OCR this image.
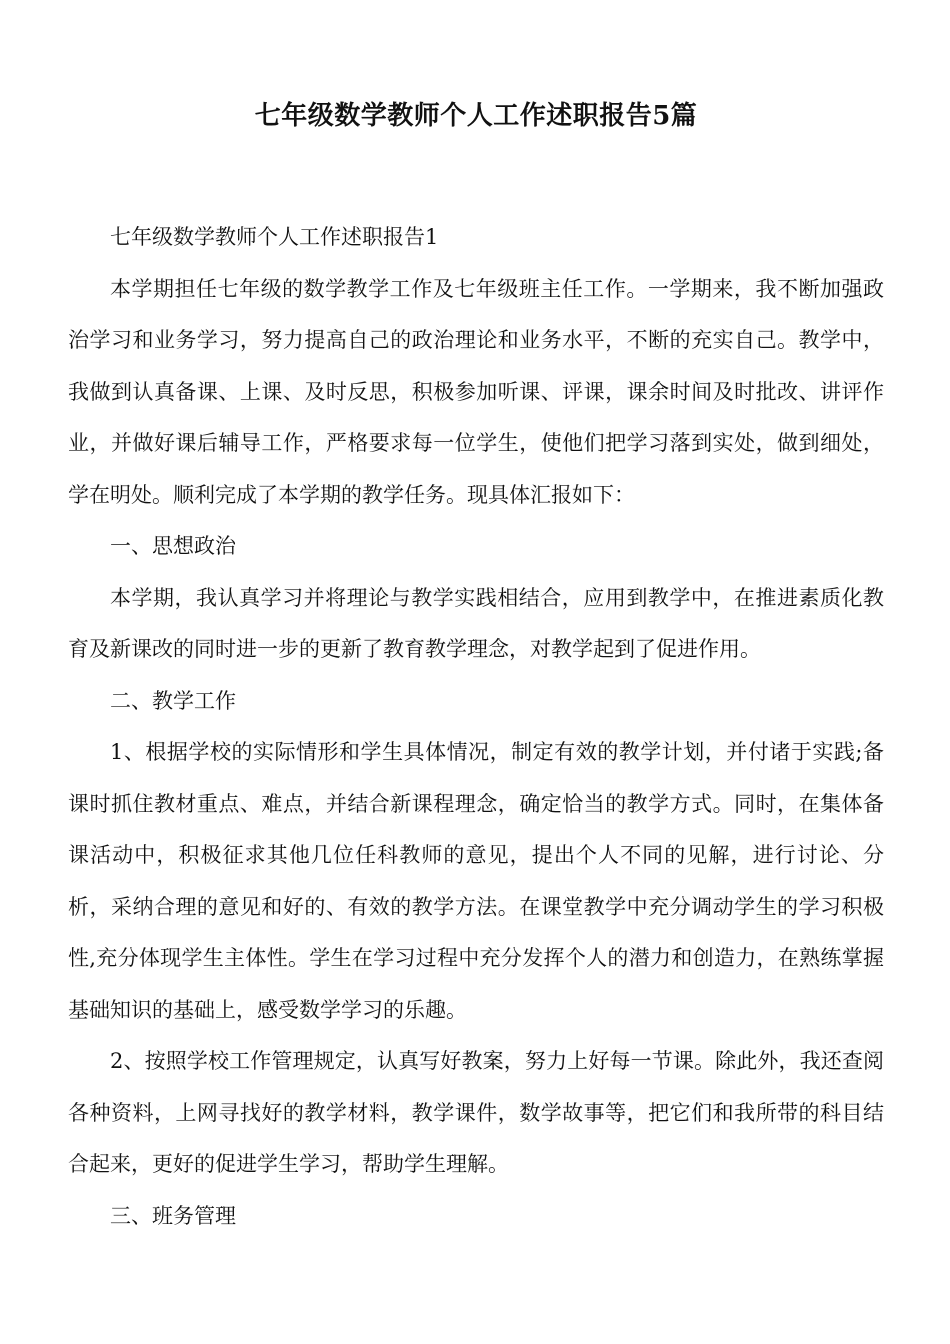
七年级数学教师个人工作述职报告5篇

七年级数学教师个人工作述职报告1

本学期担任七年级的数学教学工作及七年级班主任工作。一学期来，我不断加强政治学习和业务学习，努力提高自己的政治理论和业务水平，不断的充实自己。教学中，我做到认真备课、上课、及时反思，积极参加听课、评课，课余时间及时批改、讲评作业，并做好课后辅导工作，严格要求每一位学生，使他们把学习落到实处，做到细处，学在明处。顺利完成了本学期的教学任务。现具体汇报如下：

一、思想政治

本学期，我认真学习并将理论与教学实践相结合，应用到教学中，在推进素质化教育及新课改的同时进一步的更新了教育教学理念，对教学起到了促进作用。

二、教学工作

1、根据学校的实际情形和学生具体情况，制定有效的教学计划，并付诸于实践;备课时抓住教材重点、难点，并结合新课程理念，确定恰当的教学方式。同时，在集体备课活动中，积极征求其他几位任科教师的意见，提出个人不同的见解，进行讨论、分析，采纳合理的意见和好的、有效的教学方法。在课堂教学中充分调动学生的学习积极性,充分体现学生主体性。学生在学习过程中充分发挥个人的潜力和创造力，在熟练掌握基础知识的基础上，感受数学学习的乐趣。

2、按照学校工作管理规定，认真写好教案，努力上好每一节课。除此外，我还查阅各种资料，上网寻找好的教学材料，教学课件，数学故事等，把它们和我所带的科目结合起来，更好的促进学生学习，帮助学生理解。

三、班务管理
